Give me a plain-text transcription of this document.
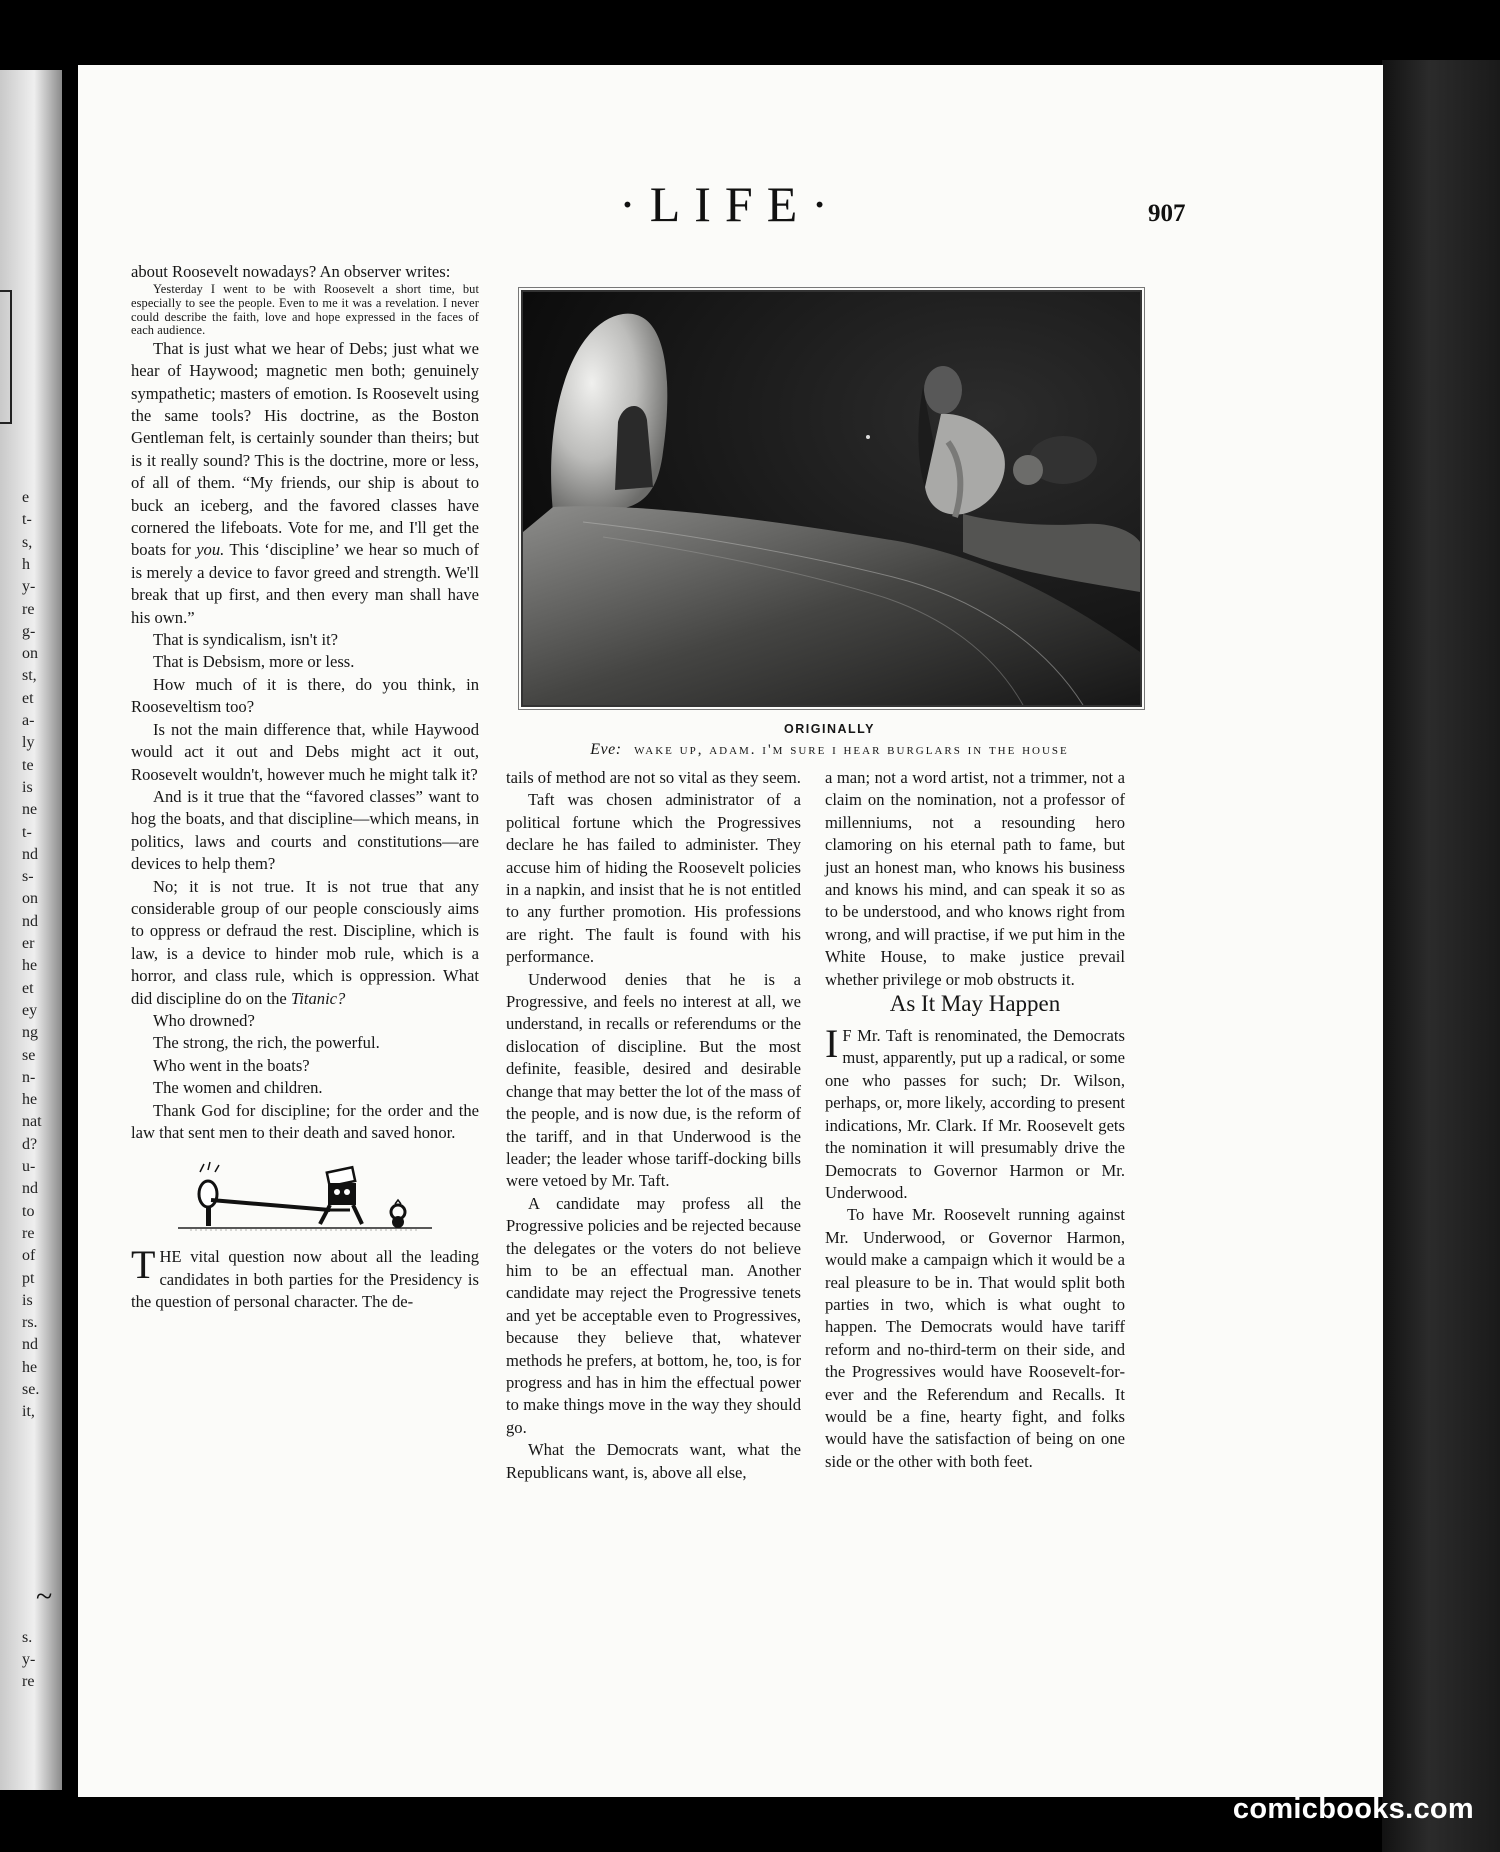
e
t-
s,
h
y-
re
g-
on
st,
et
a-
ly
te
is
ne
t-
nd
s-
on
nd
er
he
et
ey
ng
se
n-
he
nat
d?
u-
nd
to
re
of
pt
is
rs.
nd
he
se.
it,
s.
y-
re
~
·LIFE·	907

about Roosevelt nowadays? An observer writes:

Yesterday I went to be with Roosevelt a short time, but especially to see the people. Even to me it was a revelation. I never could describe the faith, love and hope expressed in the faces of each audience.

That is just what we hear of Debs; just what we hear of Haywood; magnetic men both; genuinely sympathetic; masters of emotion. Is Roosevelt using the same tools? His doctrine, as the Boston Gentleman felt, is certainly sounder than theirs; but is it really sound? This is the doctrine, more or less, of all of them. “My friends, our ship is about to buck an iceberg, and the favored classes have cornered the lifeboats. Vote for me, and I'll get the boats for you. This ‘discipline’ we hear so much of is merely a device to favor greed and strength. We'll break that up first, and then every man shall have his own.”

That is syndicalism, isn't it?

That is Debsism, more or less.

How much of it is there, do you think, in Rooseveltism too?

Is not the main difference that, while Haywood would act it out and Debs might act it out, Roosevelt wouldn't, however much he might talk it?

And is it true that the “favored classes” want to hog the boats, and that discipline—which means, in politics, laws and courts and constitutions—are devices to help them?

No; it is not true. It is not true that any considerable group of our people consciously aims to oppress or defraud the rest. Discipline, which is law, is a device to hinder mob rule, which is a horror, and class rule, which is oppression. What did discipline do on the Titanic?

Who drowned?

The strong, the rich, the powerful.

Who went in the boats?

The women and children.

Thank God for discipline; for the order and the law that sent men to their death and saved honor.

THE vital question now about all the leading candidates in both parties for the Presidency is the question of personal character. The de-

ORIGINALLY
Eve: wake up, adam. i'm sure i hear burglars in the house

tails of method are not so vital as they seem.

Taft was chosen administrator of a political fortune which the Progressives declare he has failed to administer. They accuse him of hiding the Roosevelt policies in a napkin, and insist that he is not entitled to any further promotion. His professions are right. The fault is found with his performance.

Underwood denies that he is a Progressive, and feels no interest at all, we understand, in recalls or referendums or the dislocation of discipline. But the most definite, feasible, desired and desirable change that may better the lot of the mass of the people, and is now due, is the reform of the tariff, and in that Underwood is the leader; the leader whose tariff-docking bills were vetoed by Mr. Taft.

A candidate may profess all the Progressive policies and be rejected because the delegates or the voters do not believe him to be an effectual man. Another candidate may reject the Progressive tenets and yet be acceptable even to Progressives, because they believe that, whatever methods he prefers, at bottom, he, too, is for progress and has in him the effectual power to make things move in the way they should go.

What the Democrats want, what the Republicans want, is, above all else,

a man; not a word artist, not a trimmer, not a claim on the nomination, not a professor of millenniums, not a resounding hero clamoring on his eternal path to fame, but just an honest man, who knows his business and knows his mind, and can speak it so as to be understood, and who knows right from wrong, and will practise, if we put him in the White House, to make justice prevail whether privilege or mob obstructs it.

As It May Happen

I F Mr. Taft is renominated, the Democrats must, apparently, put up a radical, or some one who passes for such; Dr. Wilson, perhaps, or, more likely, according to present indications, Mr. Clark. If Mr. Roosevelt gets the nomination it will presumably drive the Democrats to Governor Harmon or Mr. Underwood.

To have Mr. Roosevelt running against Mr. Underwood, or Governor Harmon, would make a campaign which it would be a real pleasure to be in. That would split both parties in two, which is what ought to happen. The Democrats would have tariff reform and no-third-term on their side, and the Progressives would have Roosevelt-for-ever and the Referendum and Recalls. It would be a fine, hearty fight, and folks would have the satisfaction of being on one side or the other with both feet.

comicbooks.com
